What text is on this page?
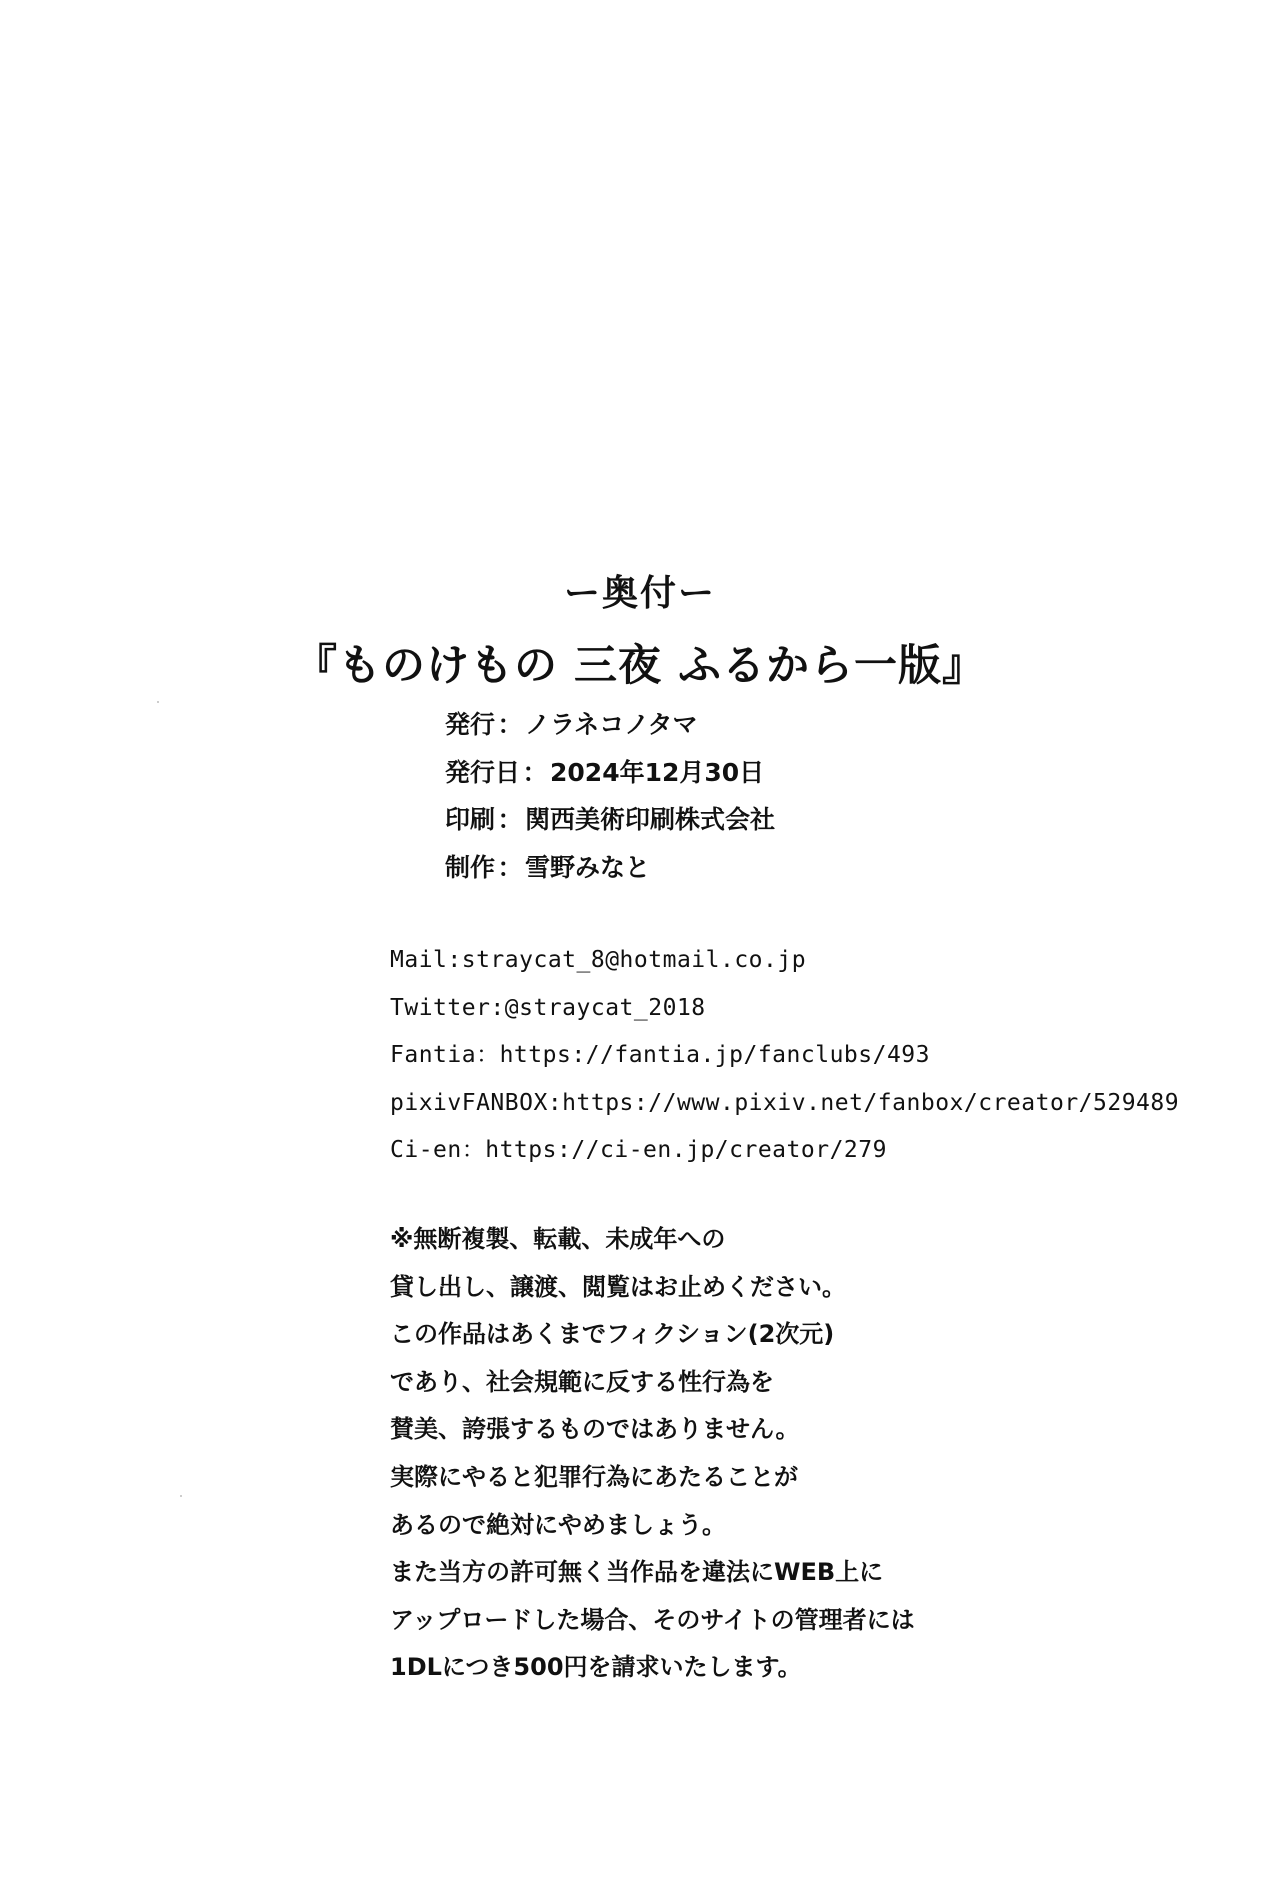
ー奥付ー
『ものけもの 三夜 ふるから一版』
発行： ノラネコノタマ
発行日： 2024年12月30日
印刷： 関西美術印刷株式会社
制作： 雪野みなと
Mail:straycat_8@hotmail.co.jp
Twitter:@straycat_2018
Fantia：https://fantia.jp/fanclubs/493
pixivFANBOX:https://www.pixiv.net/fanbox/creator/529489
Ci-en：https://ci-en.jp/creator/279
※無断複製、転載、未成年への
貸し出し、譲渡、閲覧はお止めください。
この作品はあくまでフィクション(2次元)
であり、社会規範に反する性行為を
賛美、誇張するものではありません。
実際にやると犯罪行為にあたることが
あるので絶対にやめましょう。
また当方の許可無く当作品を違法にWEB上に
アップロードした場合、そのサイトの管理者には
1DLにつき500円を請求いたします。
